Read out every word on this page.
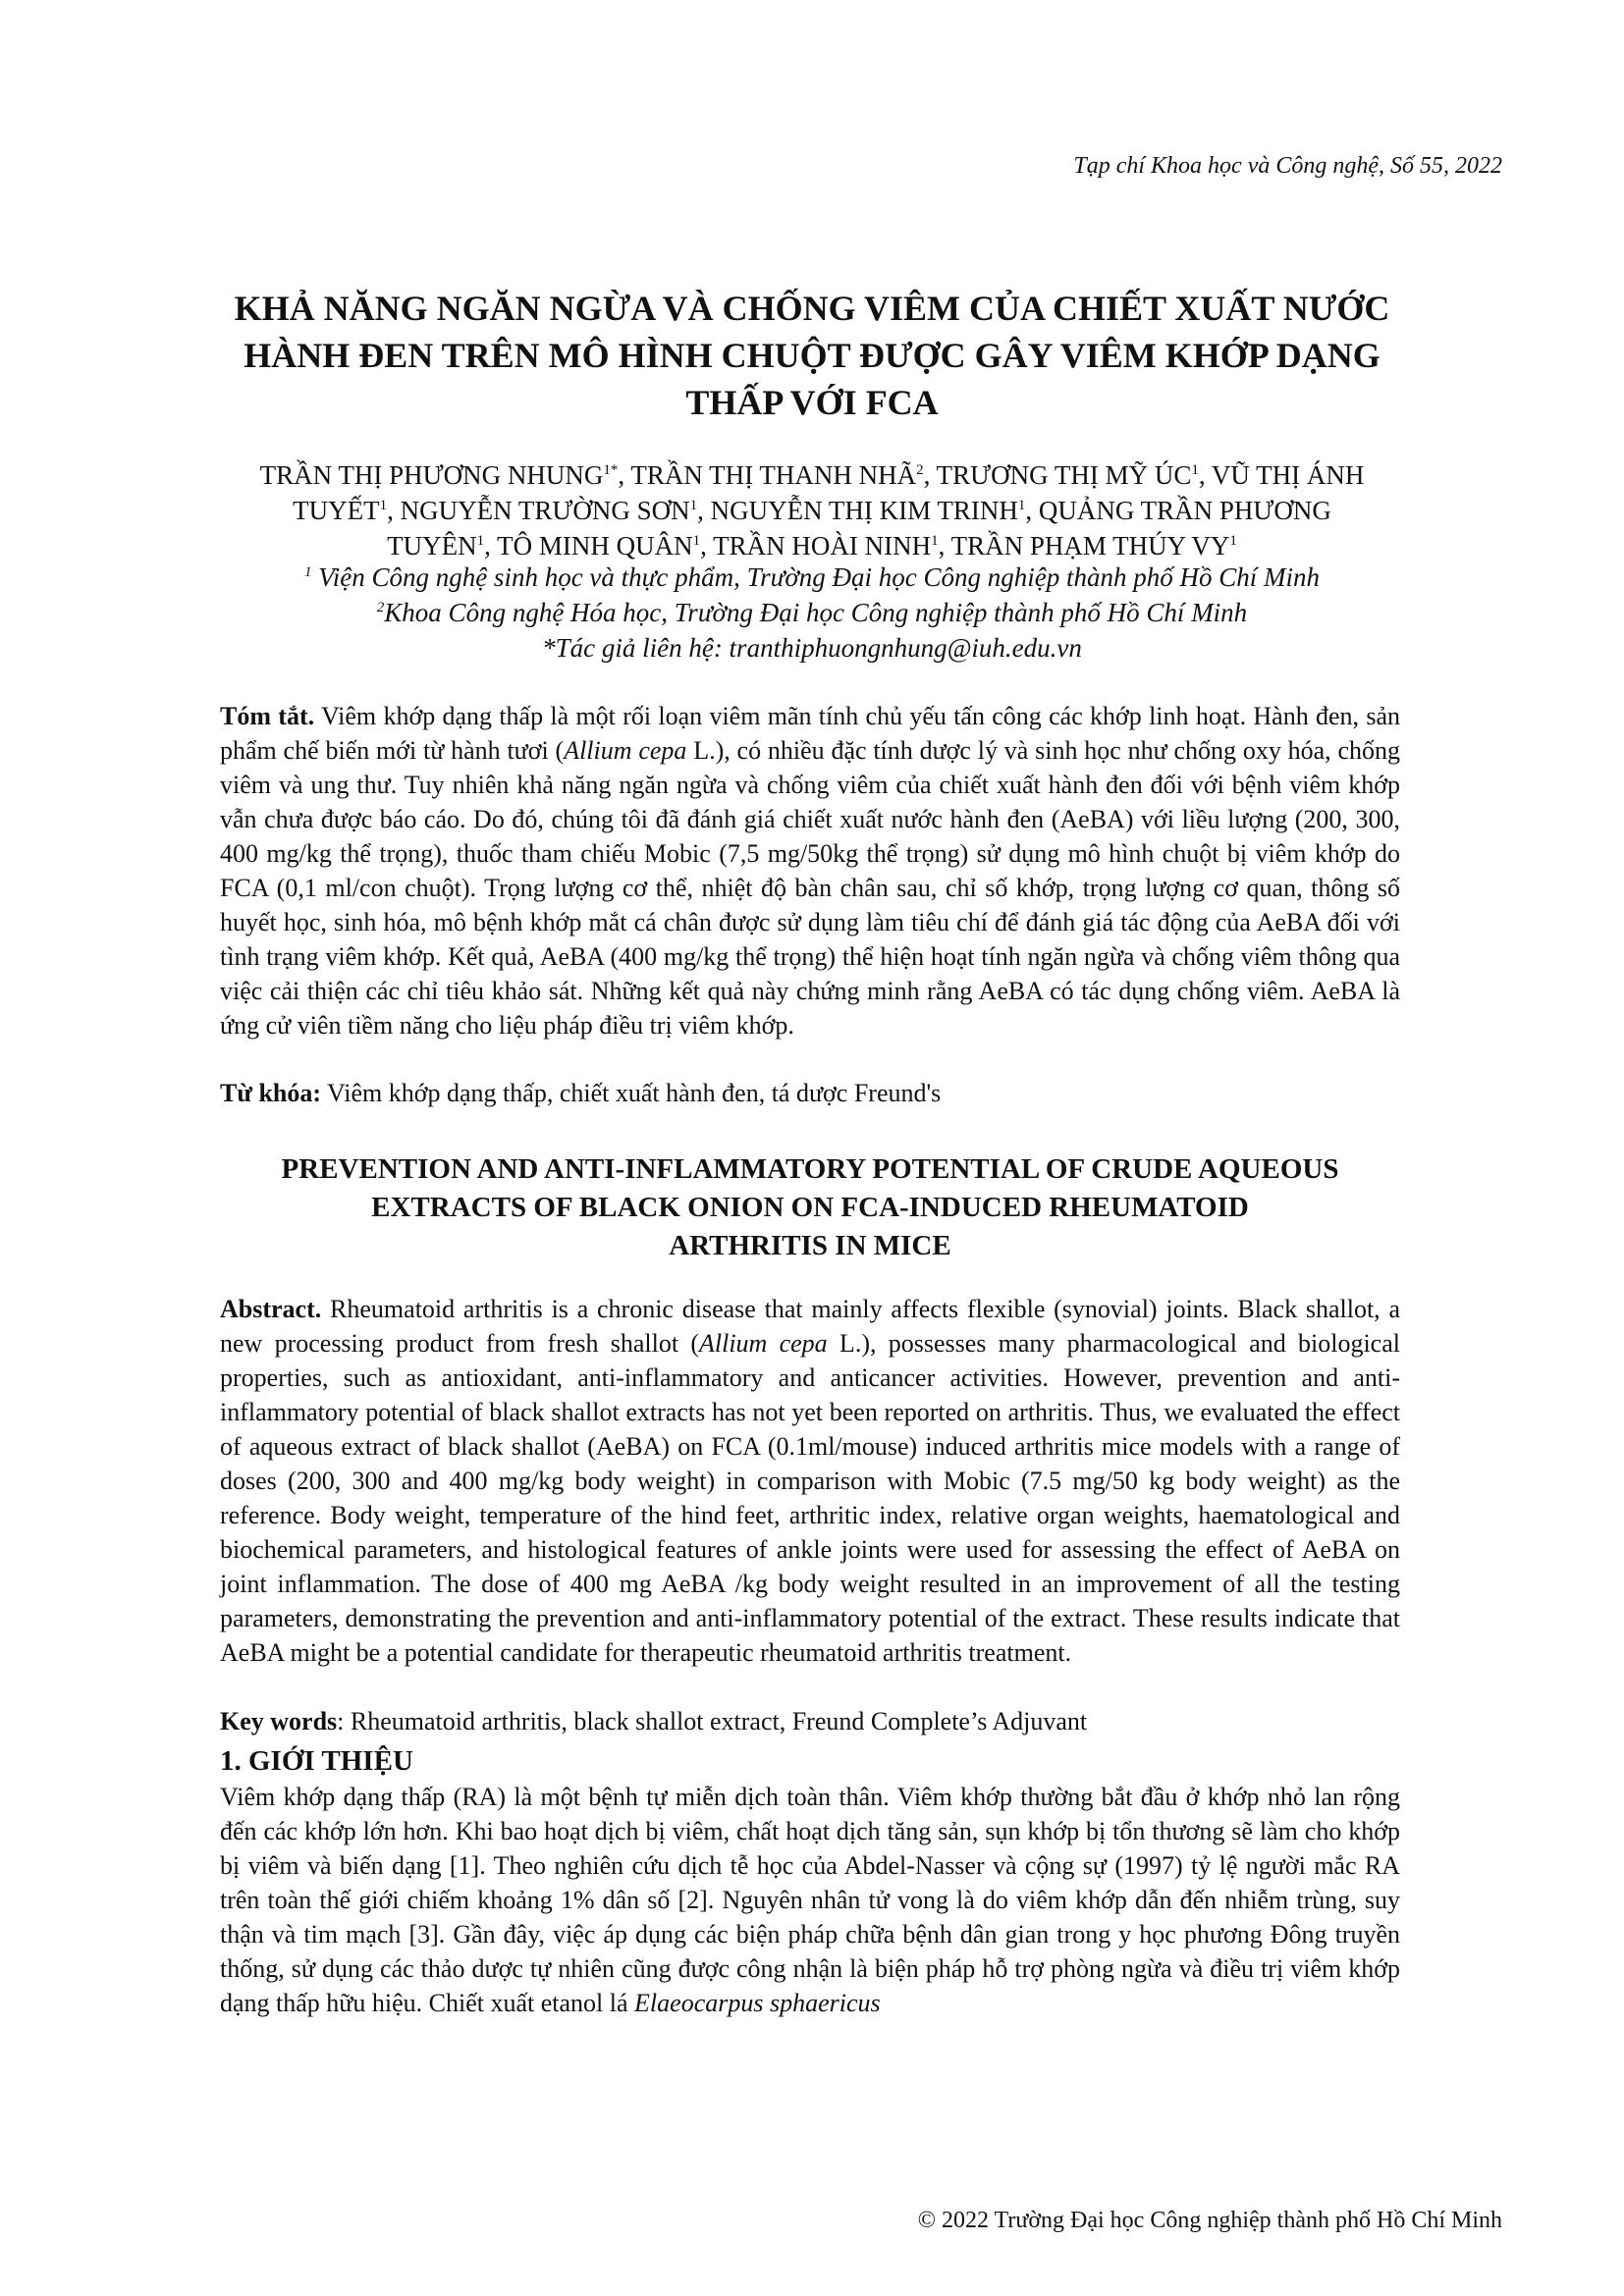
Tạp chí Khoa học và Công nghệ, Số 55, 2022
KHẢ NĂNG NGĂN NGỪA VÀ CHỐNG VIÊM CỦA CHIẾT XUẤT NƯỚC
HÀNH ĐEN TRÊN MÔ HÌNH CHUỘT ĐƯỢC GÂY VIÊM KHỚP DẠNG
THẤP VỚI FCA
TRẦN THỊ PHƯƠNG $NHUNG^{1*}$, TRẦN THỊ THANH NHÃ$^2$, TRƯƠNG THỊ MỸ $ÚC^1$, VŨ THỊ ÁNH
TUYẾT$^1$, NGUYỄN TRƯỜNG SƠN$^1$, NGUYỄN THỊ KIM TRINH$^1$, QUẢNG TRẦN PHƯƠNG
TUYÊN$^1$, TÔ MINH QUÂN$^1$, TRẦN HOÀI NINH$^1$, TRẦN PHẠM THÚY $VY^1$
$^1$ Viện Công nghệ sinh học và thực phẩm, Trường Đại học Công nghiệp thành phố Hồ Chí Minh
$^2$Khoa Công nghệ Hóa học, Trường Đại học Công nghiệp thành phố Hồ Chí Minh
*Tác giả liên hệ: tranthiphuongnhung@iuh.edu.vn
Tóm tắt. Viêm khớp dạng thấp là một rối loạn viêm mãn tính chủ yếu tấn công các khớp linh hoạt. Hành đen, sản phẩm chế biến mới từ hành tươi (Allium cepa L.), có nhiều đặc tính dược lý và sinh học như chống oxy hóa, chống viêm và ung thư. Tuy nhiên khả năng ngăn ngừa và chống viêm của chiết xuất hành đen đối với bệnh viêm khớp vẫn chưa được báo cáo. Do đó, chúng tôi đã đánh giá chiết xuất nước hành đen (AeBA) với liều lượng (200, 300, 400 mg/kg thể trọng), thuốc tham chiếu Mobic (7,5 mg/50kg thể trọng) sử dụng mô hình chuột bị viêm khớp do FCA (0,1 ml/con chuột). Trọng lượng cơ thể, nhiệt độ bàn chân sau, chỉ số khớp, trọng lượng cơ quan, thông số huyết học, sinh hóa, mô bệnh khớp mắt cá chân được sử dụng làm tiêu chí để đánh giá tác động của AeBA đối với tình trạng viêm khớp. Kết quả, AeBA (400 mg/kg thể trọng) thể hiện hoạt tính ngăn ngừa và chống viêm thông qua việc cải thiện các chỉ tiêu khảo sát. Những kết quả này chứng minh rằng AeBA có tác dụng chống viêm. AeBA là ứng cử viên tiềm năng cho liệu pháp điều trị viêm khớp.
Từ khóa: Viêm khớp dạng thấp, chiết xuất hành đen, tá dược Freund's
PREVENTION AND ANTI-INFLAMMATORY POTENTIAL OF CRUDE AQUEOUS
EXTRACTS OF BLACK ONION ON FCA-INDUCED RHEUMATOID
ARTHRITIS IN MICE
Abstract. Rheumatoid arthritis is a chronic disease that mainly affects flexible (synovial) joints. Black shallot, a new processing product from fresh shallot (Allium cepa L.), possesses many pharmacological and biological properties, such as antioxidant, anti-inflammatory and anticancer activities. However, prevention and anti-inflammatory potential of black shallot extracts has not yet been reported on arthritis. Thus, we evaluated the effect of aqueous extract of black shallot (AeBA) on FCA (0.1ml/mouse) induced arthritis mice models with a range of doses (200, 300 and 400 mg/kg body weight) in comparison with Mobic (7.5 mg/50 kg body weight) as the reference. Body weight, temperature of the hind feet, arthritic index, relative organ weights, haematological and biochemical parameters, and histological features of ankle joints were used for assessing the effect of AeBA on joint inflammation. The dose of 400 mg AeBA /kg body weight resulted in an improvement of all the testing parameters, demonstrating the prevention and anti-inflammatory potential of the extract. These results indicate that AeBA might be a potential candidate for therapeutic rheumatoid arthritis treatment.
Key words: Rheumatoid arthritis, black shallot extract, Freund Complete’s Adjuvant
1. GIỚI THIỆU
Viêm khớp dạng thấp (RA) là một bệnh tự miễn dịch toàn thân. Viêm khớp thường bắt đầu ở khớp nhỏ lan rộng đến các khớp lớn hơn. Khi bao hoạt dịch bị viêm, chất hoạt dịch tăng sản, sụn khớp bị tổn thương sẽ làm cho khớp bị viêm và biến dạng [1]. Theo nghiên cứu dịch tễ học của Abdel-Nasser và cộng sự (1997) tỷ lệ người mắc RA trên toàn thế giới chiếm khoảng 1% dân số [2]. Nguyên nhân tử vong là do viêm khớp dẫn đến nhiễm trùng, suy thận và tim mạch [3]. Gần đây, việc áp dụng các biện pháp chữa bệnh dân gian trong y học phương Đông truyền thống, sử dụng các thảo dược tự nhiên cũng được công nhận là biện pháp hỗ trợ phòng ngừa và điều trị viêm khớp dạng thấp hữu hiệu. Chiết xuất etanol lá Elaeocarpus sphaericus
© 2022 Trường Đại học Công nghiệp thành phố Hồ Chí Minh
